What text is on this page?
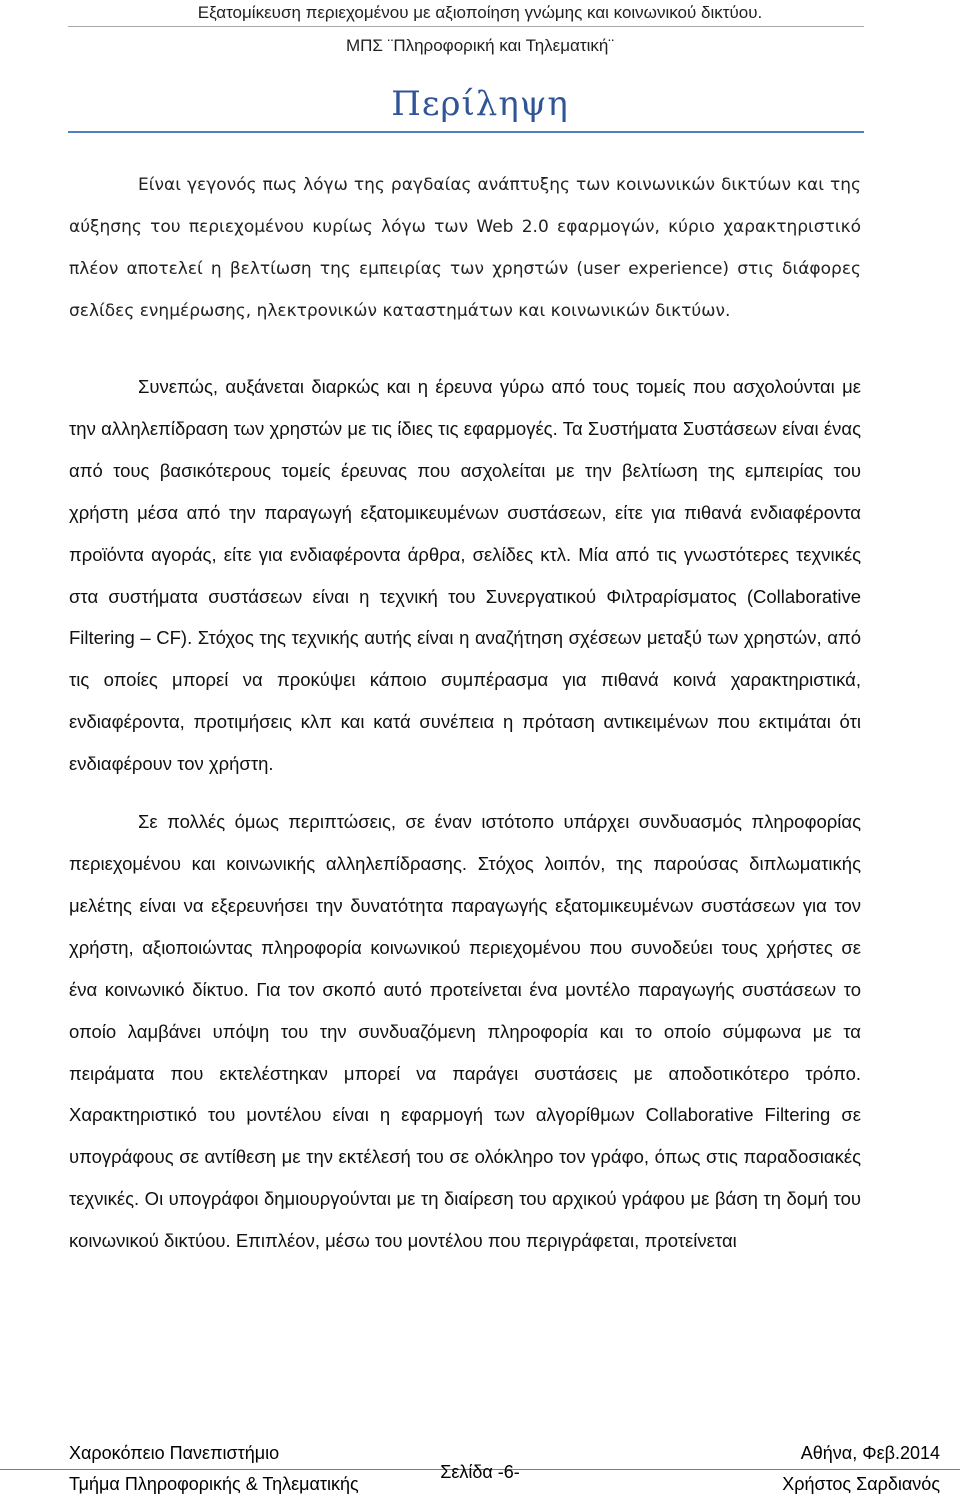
Εξατομίκευση περιεχομένου με αξιοποίηση γνώμης και κοινωνικού δικτύου.
ΜΠΣ ¨Πληροφορική και Τηλεματική¨
Περίληψη

Είναι γεγονός πως λόγω της ραγδαίας ανάπτυξης των κοινωνικών δικτύων και της αύξησης του περιεχομένου κυρίως λόγω των Web 2.0 εφαρμογών, κύριο χαρακτηριστικό πλέον αποτελεί η βελτίωση της εμπειρίας των χρηστών (user experience) στις διάφορες σελίδες ενημέρωσης, ηλεκτρονικών καταστημάτων και κοινωνικών δικτύων.

Συνεπώς, αυξάνεται διαρκώς και η έρευνα γύρω από τους τομείς που ασχολούνται με την αλληλεπίδραση των χρηστών με τις ίδιες τις εφαρμογές. Τα Συστήματα Συστάσεων είναι ένας από τους βασικότερους τομείς έρευνας που ασχολείται με την βελτίωση της εμπειρίας του χρήστη μέσα από την παραγωγή εξατομικευμένων συστάσεων, είτε για πιθανά ενδιαφέροντα προϊόντα αγοράς, είτε για ενδιαφέροντα άρθρα, σελίδες κτλ. Μία από τις γνωστότερες τεχνικές στα συστήματα συστάσεων είναι η τεχνική του Συνεργατικού Φιλτραρίσματος (Collaborative Filtering – CF). Στόχος της τεχνικής αυτής είναι η αναζήτηση σχέσεων μεταξύ των χρηστών, από τις οποίες μπορεί να προκύψει κάποιο συμπέρασμα για πιθανά κοινά χαρακτηριστικά, ενδιαφέροντα, προτιμήσεις κλπ και κατά συνέπεια η πρόταση αντικειμένων που εκτιμάται ότι ενδιαφέρουν τον χρήστη.

Σε πολλές όμως περιπτώσεις, σε έναν ιστότοπο υπάρχει συνδυασμός πληροφορίας περιεχομένου και κοινωνικής αλληλεπίδρασης. Στόχος λοιπόν, της παρούσας διπλωματικής μελέτης είναι να εξερευνήσει την δυνατότητα παραγωγής εξατομικευμένων συστάσεων για τον χρήστη, αξιοποιώντας πληροφορία κοινωνικού περιεχομένου που συνοδεύει τους χρήστες σε ένα κοινωνικό δίκτυο. Για τον σκοπό αυτό προτείνεται ένα μοντέλο παραγωγής συστάσεων το οποίο λαμβάνει υπόψη του την συνδυαζόμενη πληροφορία και το οποίο σύμφωνα με τα πειράματα που εκτελέστηκαν μπορεί να παράγει συστάσεις με αποδοτικότερο τρόπο. Χαρακτηριστικό του μοντέλου είναι η εφαρμογή των αλγορίθμων Collaborative Filtering σε υπογράφους σε αντίθεση με την εκτέλεσή του σε ολόκληρο τον γράφο, όπως στις παραδοσιακές τεχνικές. Οι υπογράφοι δημιουργούνται με τη διαίρεση του αρχικού γράφου με βάση τη δομή του κοινωνικού δικτύου. Επιπλέον, μέσω του μοντέλου που περιγράφεται, προτείνεται

Χαροκόπειο Πανεπιστήμιο	Αθήνα, Φεβ.2014
Σελίδα -6-
Τμήμα Πληροφορικής & Τηλεματικής	Χρήστος Σαρδιανός
